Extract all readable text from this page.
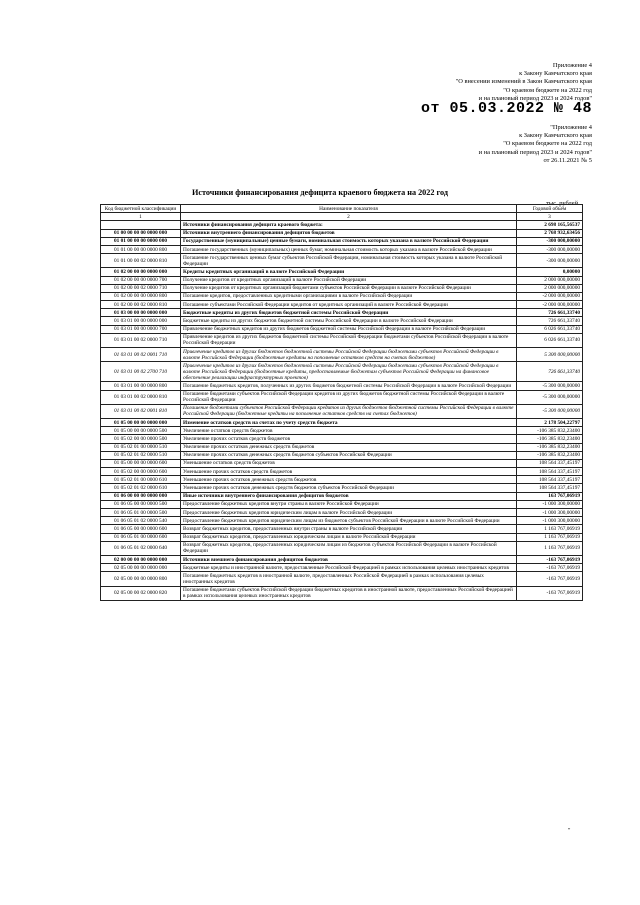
Приложение 4
к Закону Камчатского края
"О внесении изменений в Закон Камчатского края
"О краевом бюджете на 2022 год
и на плановый период 2023 и 2024 годов"
от 05.03.2022 № 48
"Приложение 4
к Закону Камчатского края
"О краевом бюджете на 2022 год
и на плановый период 2023 и 2024 годов"
от 26.11.2021 № 5
Источники финансирования дефицита краевого бюджета на 2022 год
тыс. рублей
Код бюджетной классификации	Наименование показателя	Годовой объем
1	2	3
	Источники финансирования дефицита краевого бюджета:	2 698 165,56537
01 00 00 00 00 0000 000	Источники внутреннего финансирования дефицитов бюджетов	2 768 932,63456
01 01 00 00 00 0000 000	Государственные (муниципальные) ценные бумаги, номинальная стоимость которых указана в валюте Российской Федерации	-300 000,00000
01 01 00 00 00 0000 800	Погашение государственных (муниципальных) ценных бумаг, номинальная стоимость которых указана в валюте Российской Федерации	-300 000,00000
01 01 00 00 02 0000 810	Погашение государственных ценных бумаг субъектов Российской Федерации, номинальная стоимость которых указана в валюте Российской Федерации	-300 000,00000
01 02 00 00 00 0000 000	Кредиты кредитных организаций в валюте Российской Федерации	0,00000
01 02 00 00 00 0000 700	Получение кредитов от кредитных организаций в валюте Российской Федерации	2 000 000,00000
01 02 00 00 02 0000 710	Получение кредитов от кредитных организаций бюджетами субъектов Российской Федерации в валюте Российской Федерации	2 000 000,00000
01 02 00 00 00 0000 800	Погашение кредитов, предоставленных кредитными организациями в валюте Российской Федерации	-2 000 000,00000
01 02 00 00 02 0000 810	Погашение субъектами Российской Федерации кредитов от кредитных организаций в валюте Российской Федерации	-2 000 000,00000
01 03 00 00 00 0000 000	Бюджетные кредиты из других бюджетов бюджетной системы Российской Федерации	726 661,33740
01 03 01 00 00 0000 000	Бюджетные кредиты из других бюджетов бюджетной системы Российской Федерации в валюте Российской Федерации	726 661,33740
01 03 01 00 00 0000 700	Привлечение бюджетных кредитов из других бюджетов бюджетной системы Российской Федерации в валюте Российской Федерации	6 026 661,33740
01 03 01 00 02 0000 710	Привлечение кредитов из других бюджетов бюджетной системы Российской Федерации бюджетами субъектов Российской Федерации в валюте Российской Федерации	6 026 661,33740
01 03 01 00 02 0001 710	Привлечение кредитов из других бюджетов бюджетной системы Российской Федерации бюджетами субъектов Российской Федерации в валюте Российской Федерации (бюджетные кредиты на пополнение остатков средств на счетах бюджетов)	5 300 000,00000
01 03 01 00 02 2700 710	Привлечение кредитов из других бюджетов бюджетной системы Российской Федерации бюджетами субъектов Российской Федерации в валюте Российской Федерации (бюджетные кредиты, предоставляемые бюджетам субъектов Российской Федерации на финансовое обеспечение реализации инфраструктурных проектов)	726 661,33740
01 03 01 00 00 0000 800	Погашение бюджетных кредитов, полученных из других бюджетов бюджетной системы Российской Федерации в валюте Российской Федерации	-5 300 000,00000
01 03 01 00 02 0000 810	Погашение бюджетами субъектов Российской Федерации кредитов из других бюджетов бюджетной системы Российской Федерации в валюте Российской Федерации	-5 300 000,00000
01 03 01 00 02 0001 810	Погашение бюджетами субъектов Российской Федерации кредитов из других бюджетов бюджетной системы Российской Федерации в валюте Российской Федерации (бюджетные кредиты на пополнение остатков средств на счетах бюджетов)	-5 300 000,00000
01 05 00 00 00 0000 000	Изменение остатков средств на счетах по учету средств бюджета	2 178 504,22797
01 05 00 00 00 0000 500	Увеличение остатков средств бюджетов	-106 385 832,23400
01 05 02 00 00 0000 500	Увеличение прочих остатков средств бюджетов	-106 385 832,23400
01 05 02 01 00 0000 510	Увеличение прочих остатков денежных средств бюджетов	-106 385 832,23400
01 05 02 01 02 0000 510	Увеличение прочих остатков денежных средств бюджетов субъектов Российской Федерации	-106 385 832,23400
01 05 00 00 00 0000 600	Уменьшение остатков средств бюджетов	108 564 337,45197
01 05 02 00 00 0000 600	Уменьшение прочих остатков средств бюджетов	108 564 337,45197
01 05 02 01 00 0000 610	Уменьшение прочих остатков денежных средств бюджетов	108 564 337,45197
01 05 02 01 02 0000 610	Уменьшение прочих остатков денежных средств бюджетов субъектов Российской Федерации	108 564 337,45197
01 06 00 00 00 0000 000	Иные источники внутреннего финансирования дефицитов бюджетов	163 767,06919
01 06 05 00 00 0000 500	Предоставление бюджетных кредитов внутри страны в валюте Российской Федерации	-1 000 300,00000
01 06 05 01 00 0000 500	Предоставление бюджетных кредитов юридическим лицам в валюте Российской Федерации	-1 000 300,00000
01 06 05 01 02 0000 540	Предоставление бюджетных кредитов юридическим лицам из бюджетов субъектов Российской Федерации в валюте Российской Федерации	-1 000 300,00000
01 06 05 00 00 0000 600	Возврат бюджетных кредитов, предоставленных внутри страны в валюте Российской Федерации	1 163 767,06919
01 06 05 01 00 0000 600	Возврат бюджетных кредитов, предоставленных юридическим лицам в валюте Российской Федерации	1 163 767,06919
01 06 05 01 02 0000 640	Возврат бюджетных кредитов, предоставленных юридическим лицам из бюджетов субъектов Российской Федерации в валюте Российской Федерации	1 163 767,06919
02 00 00 00 00 0000 000	Источники внешнего финансирования дефицитов бюджетов	-163 767,06919
02 05 00 00 00 0000 000	Бюджетные кредиты и иностранной валюте, предоставленные Российской Федерацией в рамках использования целевых иностранных кредитов	-163 767,06919
02 05 00 00 00 0000 800	Погашение бюджетных кредитов в иностранной валюте, предоставленных Российской Федерацией в рамках использования целевых иностранных кредитов	-163 767,06919
02 05 00 00 02 0000 820	Погашение бюджетами субъектов Российской Федерации бюджетных кредитов в иностранной валюте, предоставленных Российской Федерацией в рамках использования целевых иностранных кредитов	-163 767,06919
"
